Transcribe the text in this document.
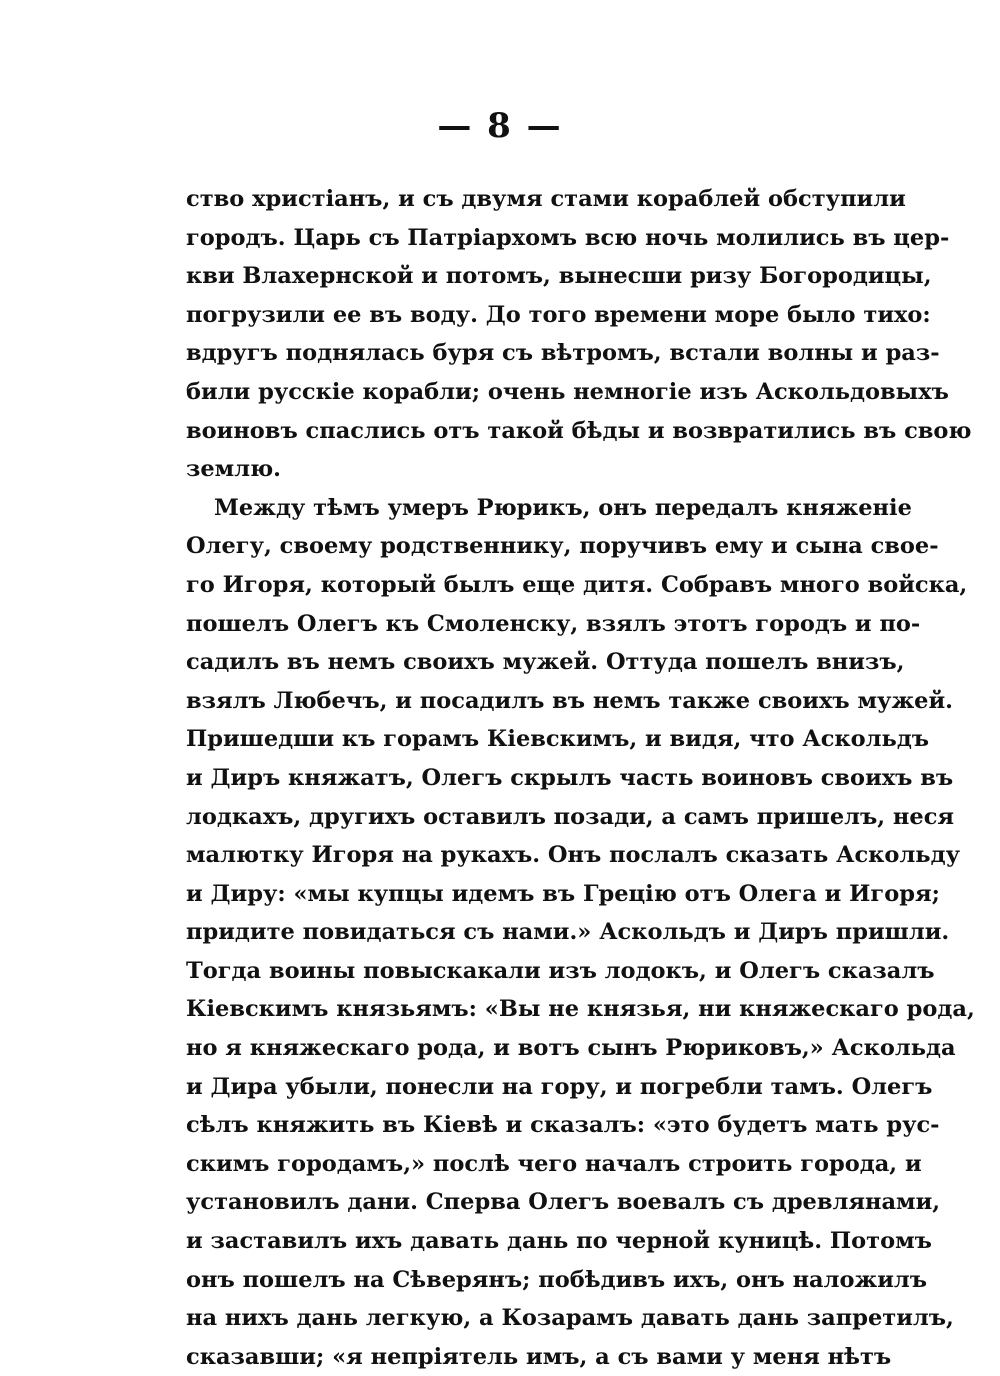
— 8 —
ство христіанъ, и съ двумя стами кораблей обступили
городъ. Царь съ Патріархомъ всю ночь молились въ цер-
кви Влахернской и потомъ, вынесши ризу Богородицы,
погрузили ее въ воду. До того времени море было тихо:
вдругъ поднялась буря съ вѣтромъ, встали волны и раз-
били русскіе корабли; очень немногіе изъ Аскольдовыхъ
воиновъ спаслись отъ такой бѣды и возвратились въ свою
землю.
Между тѣмъ умеръ Рюрикъ, онъ передалъ княженіе
Олегу, своему родственнику, поручивъ ему и сына свое-
го Игоря, который былъ еще дитя. Собравъ много войска,
пошелъ Олегъ къ Смоленску, взялъ этотъ городъ и по-
садилъ въ немъ своихъ мужей. Оттуда пошелъ внизъ,
взялъ Любечъ, и посадилъ въ немъ также своихъ мужей.
Пришедши къ горамъ Кіевскимъ, и видя, что Аскольдъ
и Диръ княжатъ, Олегъ скрылъ часть воиновъ своихъ въ
лодкахъ, другихъ оставилъ позади, а самъ пришелъ, неся
малютку Игоря на рукахъ. Онъ послалъ сказать Аскольду
и Диру: «мы купцы идемъ въ Грецію отъ Олега и Игоря;
придите повидаться съ нами.» Аскольдъ и Диръ пришли.
Тогда воины повыскакали изъ лодокъ, и Олегъ сказалъ
Кіевскимъ князьямъ: «Вы не князья, ни княжескаго рода,
но я княжескаго рода, и вотъ сынъ Рюриковъ,» Аскольда
и Дира убыли, понесли на гору, и погребли тамъ. Олегъ
сѣлъ княжить въ Кіевѣ и сказалъ: «это будетъ мать рус-
скимъ городамъ,» послѣ чего началъ строить города, и
установилъ дани. Сперва Олегъ воевалъ съ древлянами,
и заставилъ ихъ давать дань по черной куницѣ. Потомъ
онъ пошелъ на Сѣверянъ; побѣдивъ ихъ, онъ наложилъ
на нихъ дань легкую, а Козарамъ давать дань запретилъ,
сказавши; «я непріятель имъ, а съ вами у меня нѣтъ
